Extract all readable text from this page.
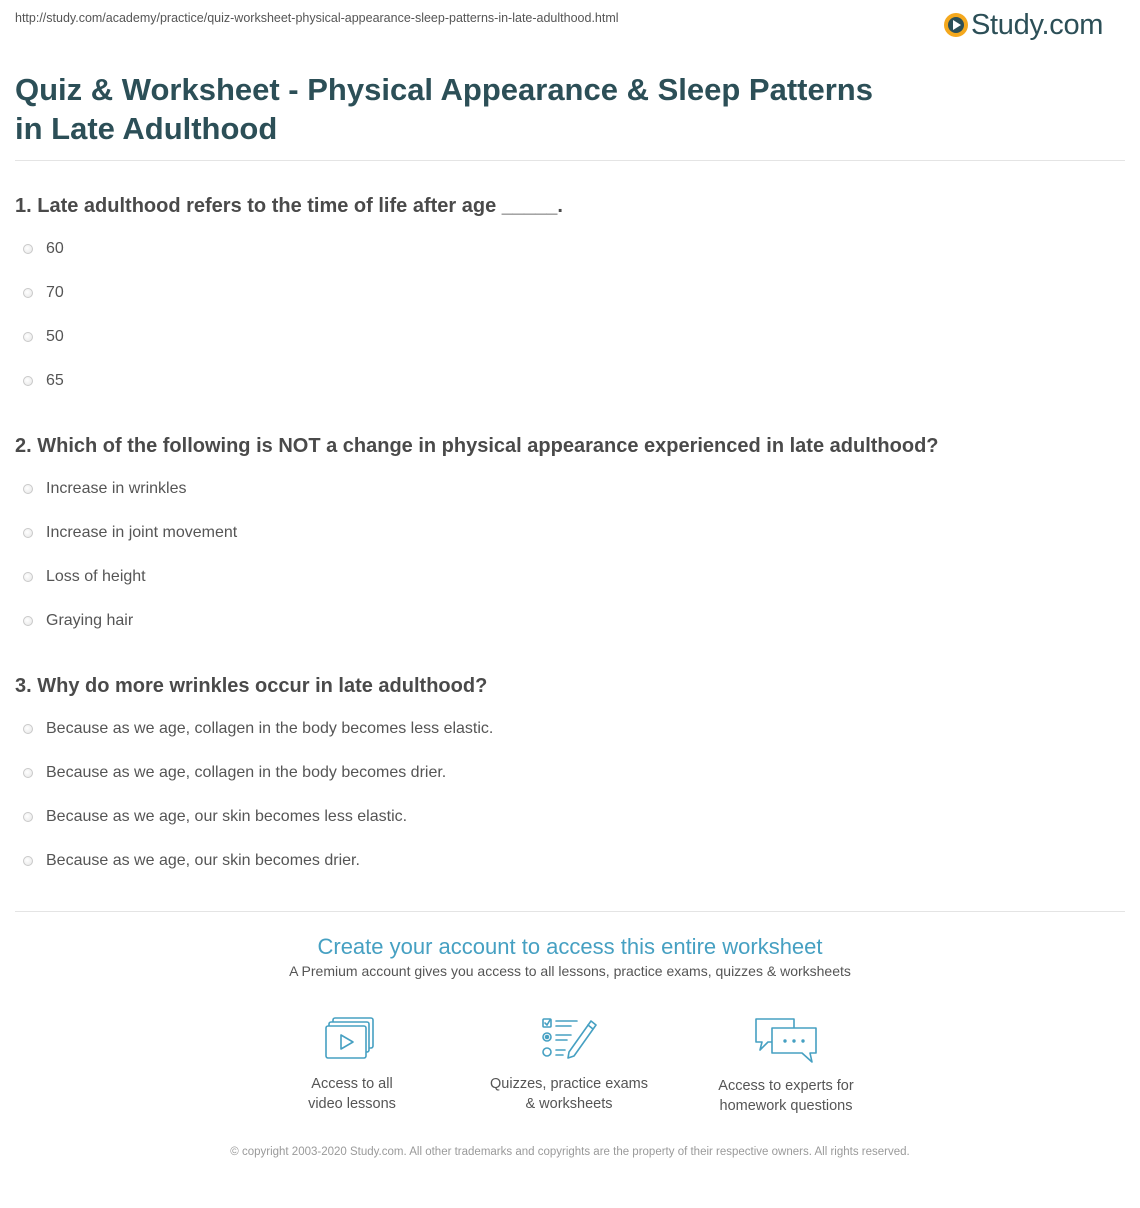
http://study.com/academy/practice/quiz-worksheet-physical-appearance-sleep-patterns-in-late-adulthood.html	Study.com
Quiz & Worksheet - Physical Appearance & Sleep Patterns in Late Adulthood
1. Late adulthood refers to the time of life after age _____.
60
70
50
65
2. Which of the following is NOT a change in physical appearance experienced in late adulthood?
Increase in wrinkles
Increase in joint movement
Loss of height
Graying hair
3. Why do more wrinkles occur in late adulthood?
Because as we age, collagen in the body becomes less elastic.
Because as we age, collagen in the body becomes drier.
Because as we age, our skin becomes less elastic.
Because as we age, our skin becomes drier.
Create your account to access this entire worksheet
A Premium account gives you access to all lessons, practice exams, quizzes & worksheets
Access to all
video lessons
Quizzes, practice exams
& worksheets
Access to experts for
homework questions
© copyright 2003-2020 Study.com. All other trademarks and copyrights are the property of their respective owners. All rights reserved.
